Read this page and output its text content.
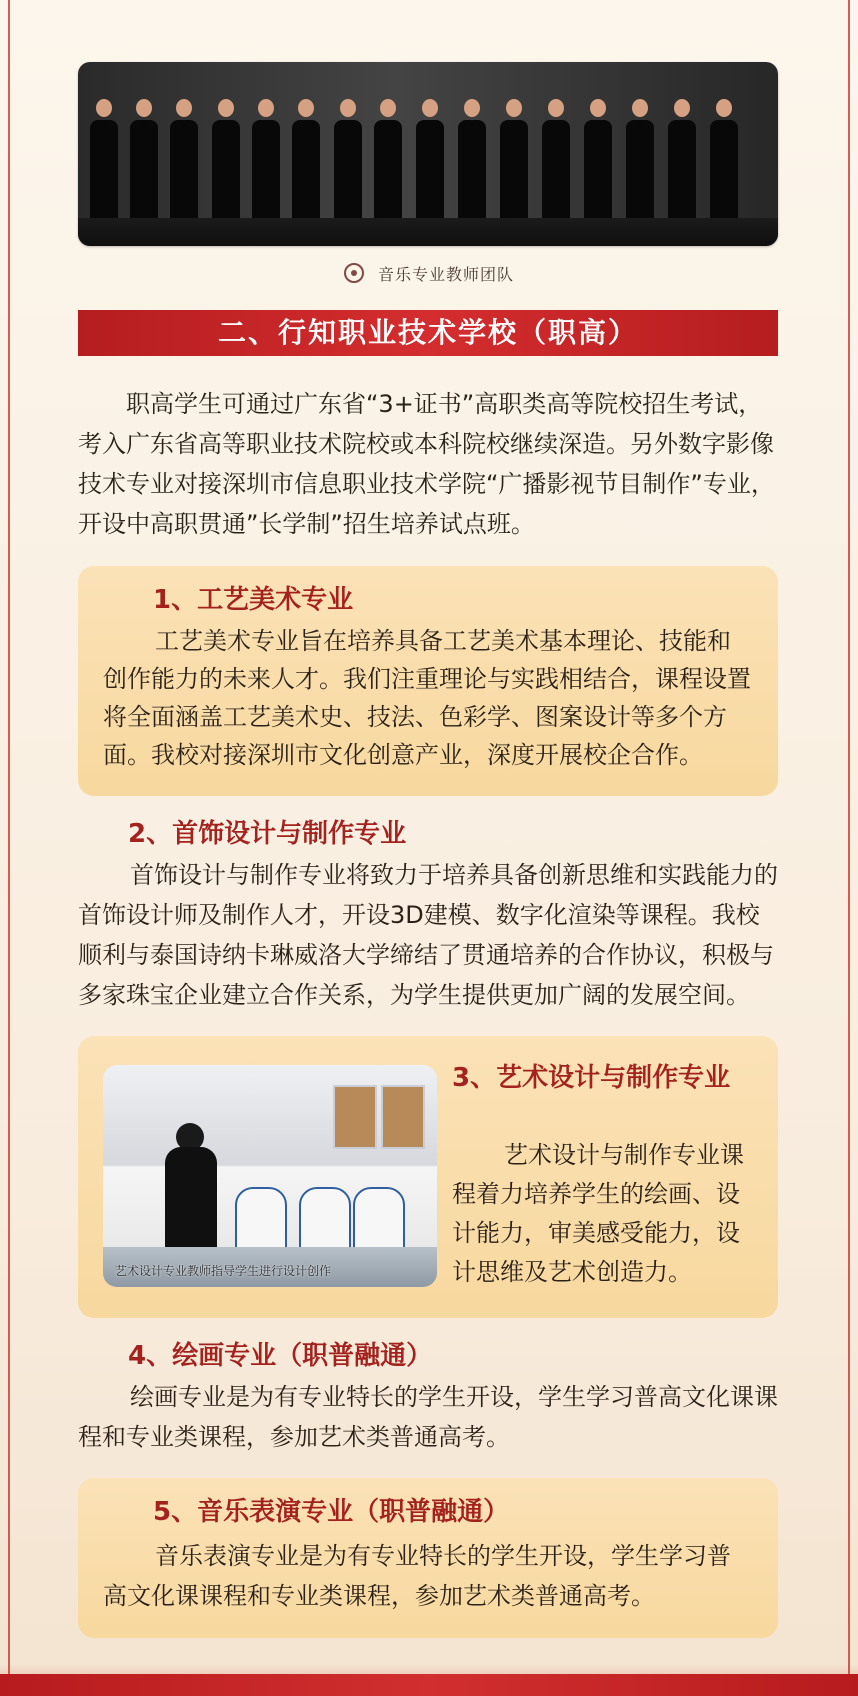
音乐专业教师团队
二、行知职业技术学校（职高）

职高学生可通过广东省“3+证书”高职类高等院校招生考试，考入广东省高等职业技术院校或本科院校继续深造。另外数字影像技术专业对接深圳市信息职业技术学院“广播影视节目制作”专业，开设中高职贯通”长学制”招生培养试点班。

1、工艺美术专业

工艺美术专业旨在培养具备工艺美术基本理论、技能和创作能力的未来人才。我们注重理论与实践相结合，课程设置将全面涵盖工艺美术史、技法、色彩学、图案设计等多个方面。我校对接深圳市文化创意产业，深度开展校企合作。

2、首饰设计与制作专业

首饰设计与制作专业将致力于培养具备创新思维和实践能力的首饰设计师及制作人才，开设3D建模、数字化渲染等课程。我校顺利与泰国诗纳卡琳威洛大学缔结了贯通培养的合作协议，积极与多家珠宝企业建立合作关系，为学生提供更加广阔的发展空间。

艺术设计专业教师指导学生进行设计创作
3、艺术设计与制作专业

艺术设计与制作专业课程着力培养学生的绘画、设计能力，审美感受能力，设计思维及艺术创造力。

4、绘画专业（职普融通）

绘画专业是为有专业特长的学生开设，学生学习普高文化课课程和专业类课程，参加艺术类普通高考。

5、音乐表演专业（职普融通）

音乐表演专业是为有专业特长的学生开设，学生学习普高文化课课程和专业类课程，参加艺术类普通高考。
